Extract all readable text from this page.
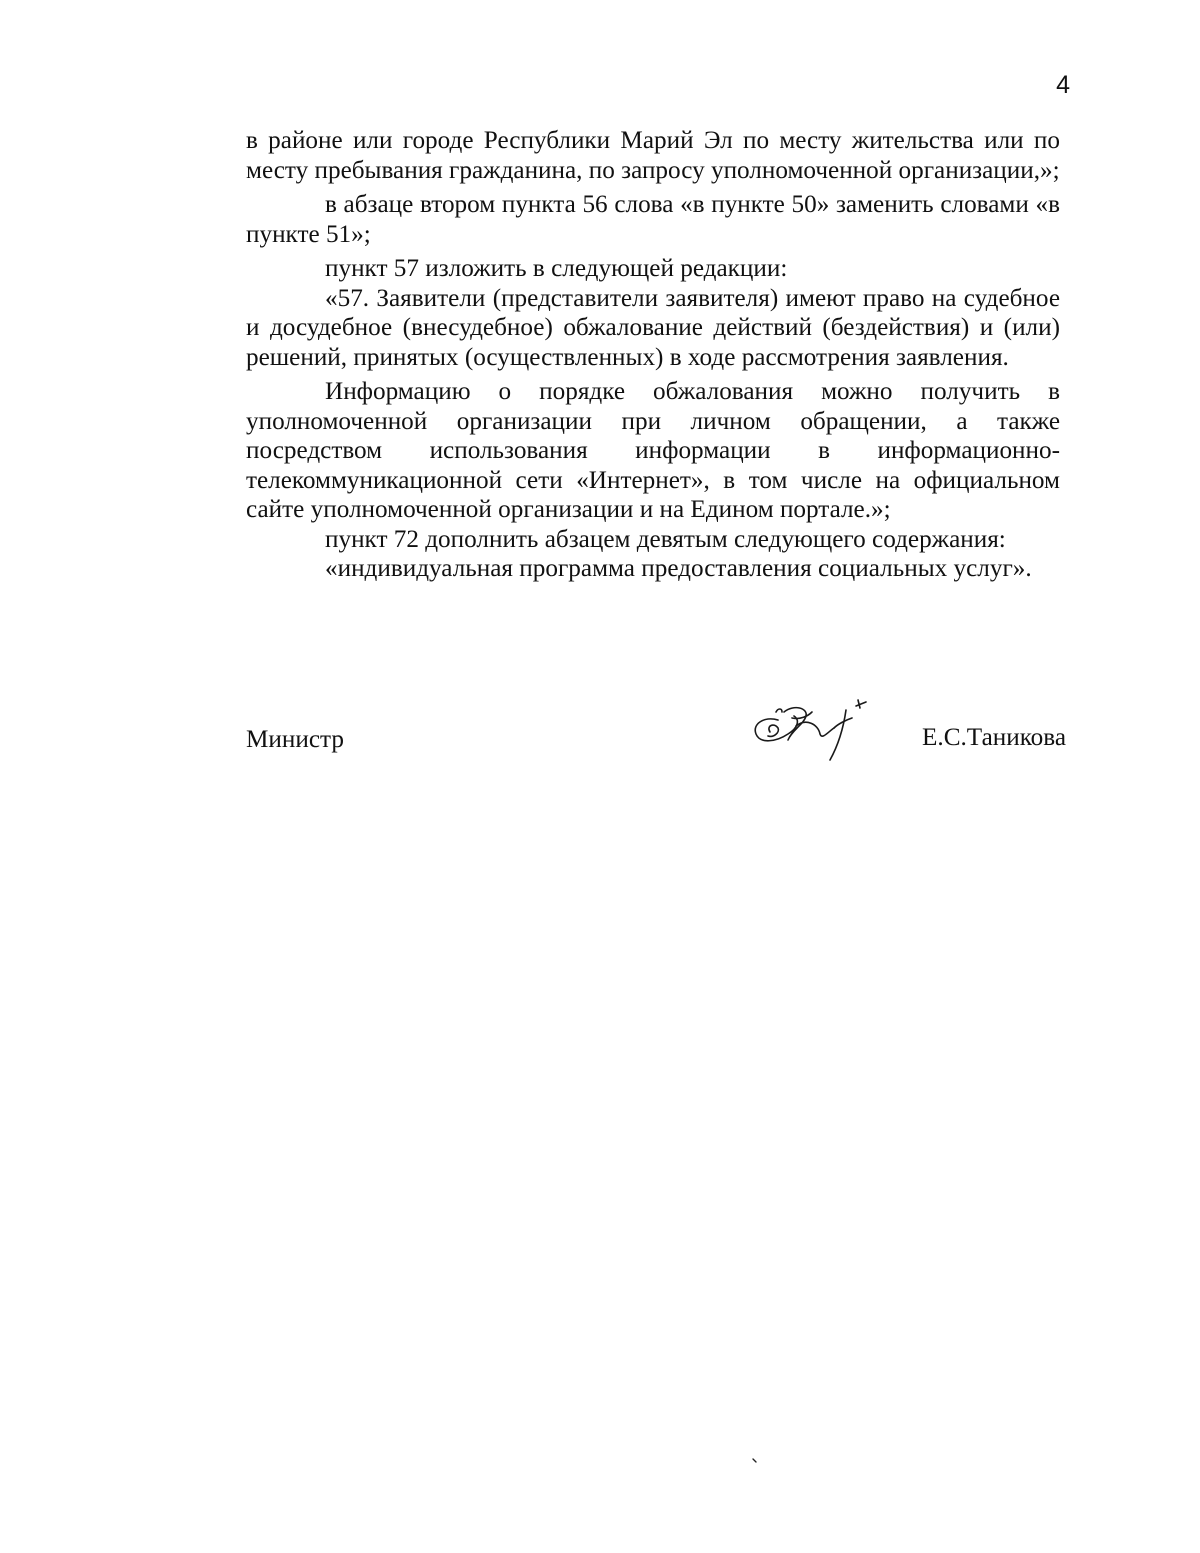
4

в районе или городе Республики Марий Эл по месту жительства или по месту пребывания гражданина, по запросу уполномоченной организации,»;

в абзаце втором пункта 56 слова «в пункте 50» заменить словами «в пункте 51»;

пункт 57 изложить в следующей редакции:

«57. Заявители (представители заявителя) имеют право на судебное и досудебное (внесудебное) обжалование действий (бездействия) и (или) решений, принятых (осуществленных) в ходе рассмотрения заявления.

Информацию о порядке обжалования можно получить в уполномоченной организации при личном обращении, а также посредством использования информации в информационно-телекоммуникационной сети «Интернет», в том числе на официальном сайте уполномоченной организации и на Едином портале.»;

пункт 72 дополнить абзацем девятым следующего содержания:

«индивидуальная программа предоставления социальных услуг».

Министр	Е.С.Таникова
